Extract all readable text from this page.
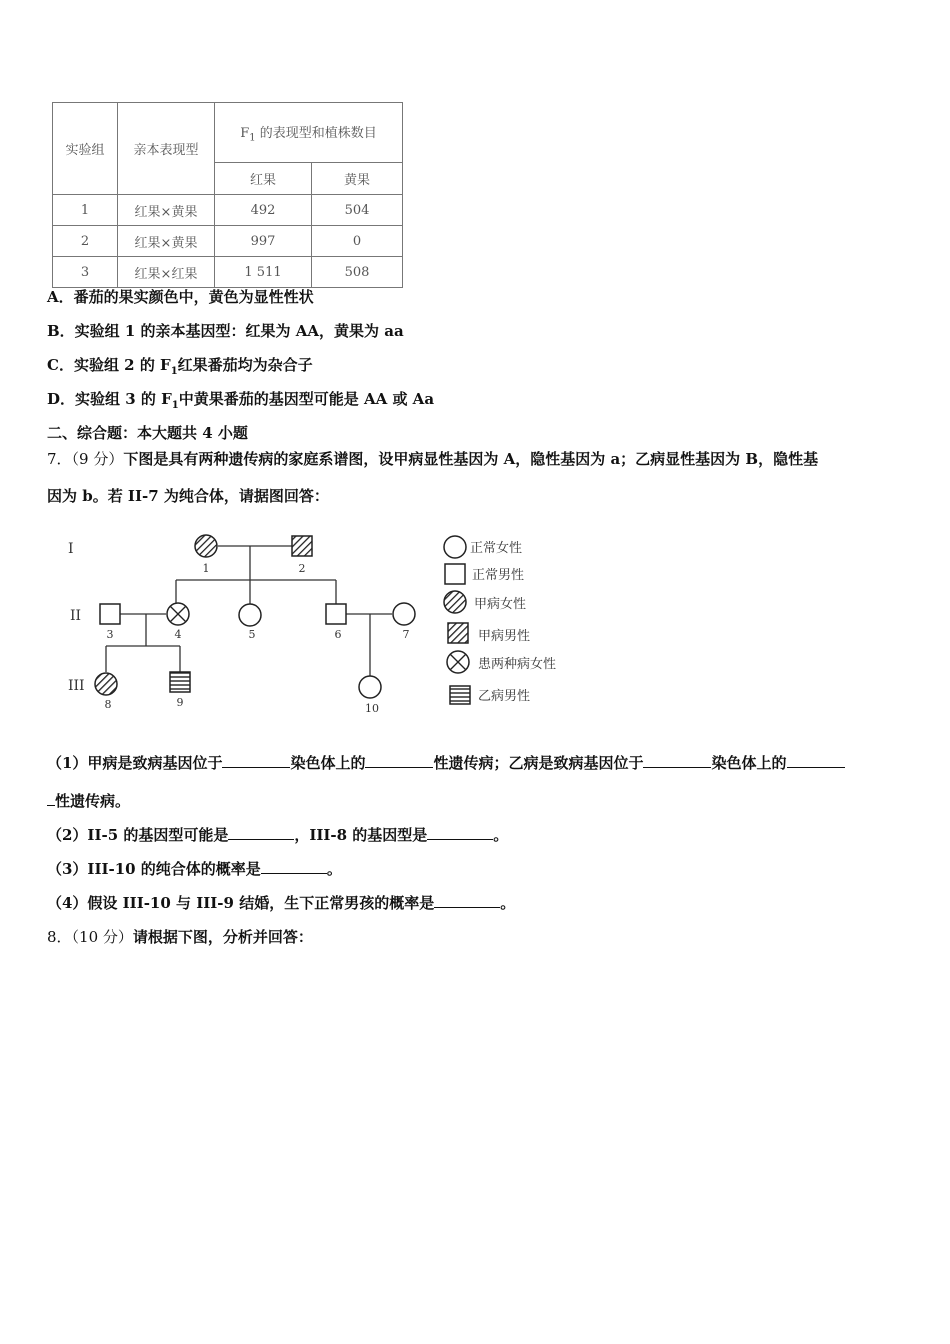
实验组	亲本表现型	$F_1$ 的表现型和植株数目	
		红果	黄果
1	红果×黄果	492	504
2	红果×黄果	997	0
3	红果×红果	1 511	508
A．番茄的果实颜色中，黄色为显性性状
B．实验组 1 的亲本基因型：红果为 AA，黄果为 aa
C．实验组 2 的 $F_1$红果番茄均为杂合子
D．实验组 3 的 $F_1$中黄果番茄的基因型可能是 AA 或 Aa
二、综合题：本大题共 4 小题
7．（9 分）下图是具有两种遗传病的家庭系谱图，设甲病显性基因为 A，隐性基因为 a；乙病显性基因为 B，隐性基
因为 b。若 II-7 为纯合体，请据图回答：
I
II
III
1	2
3	4	5	6	7
8	9	10
正常女性
正常男性
甲病女性
甲病男性
患两种病女性
乙病男性
（1）甲病是致病基因位于	染色体上的	性遗传病；乙病是致病基因位于	染色体上的
性遗传病。
（2）II-5 的基因型可能是	，III-8 的基因型是	。
（3）III-10 的纯合体的概率是	。
（4）假设 III-10 与 III-9 结婚，生下正常男孩的概率是	。
8．（10 分）请根据下图，分析并回答：
